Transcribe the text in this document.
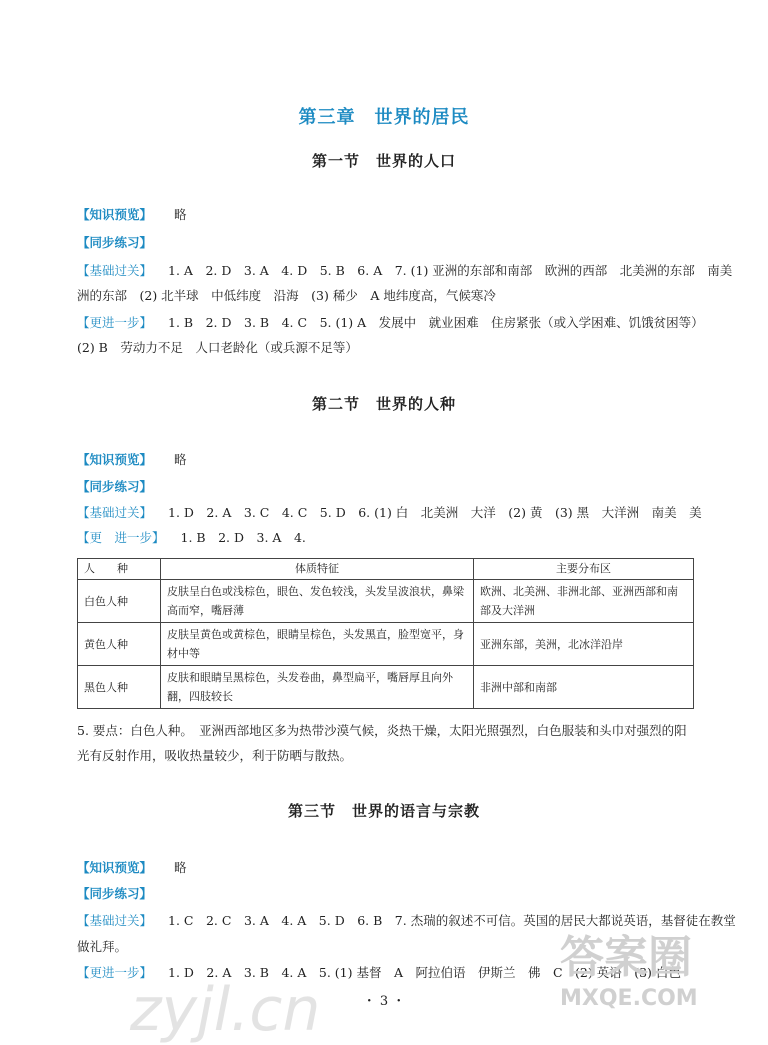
第三章　世界的居民
第一节　世界的人口
【知识预览】 略
【同步练习】
【基础过关】 1. A　2. D　3. A　4. D　5. B　6. A　7. (1) 亚洲的东部和南部　欧洲的西部　北美洲的东部　南美
洲的东部　(2) 北半球　中低纬度　沿海　(3) 稀少　A 地纬度高，气候寒冷
【更进一步】 1. B　2. D　3. B　4. C　5. (1) A　发展中　就业困难　住房紧张（或入学困难、饥饿贫困等）
(2) B　劳动力不足　人口老龄化（或兵源不足等）
第二节　世界的人种
【知识预览】 略
【同步练习】
【基础过关】 1. D　2. A　3. C　4. C　5. D　6. (1) 白　北美洲　大洋　(2) 黄　(3) 黑　大洋洲　南美　美
【更　进一步】 1. B　2. D　3. A　4.
人　　种	体质特征	主要分布区
白色人种	皮肤呈白色或浅棕色，眼色、发色较浅，头发呈波浪状，鼻梁高而窄，嘴唇薄	欧洲、北美洲、非洲北部、亚洲西部和南部及大洋洲
黄色人种	皮肤呈黄色或黄棕色，眼睛呈棕色，头发黑直，脸型宽平，身材中等	亚洲东部，美洲，北冰洋沿岸
黑色人种	皮肤和眼睛呈黑棕色，头发卷曲，鼻型扁平，嘴唇厚且向外翻，四肢较长	非洲中部和南部
5. 要点：白色人种。　亚洲西部地区多为热带沙漠气候，炎热干燥，太阳光照强烈，白色服装和头巾对强烈的阳光有反射作用，吸收热量较少，利于防晒与散热。
第三节　世界的语言与宗教
【知识预览】 略
【同步练习】
【基础过关】 1. C　2. C　3. A　4. A　5. D　6. B　7. 杰瑞的叙述不可信。英国的居民大都说英语，基督徒在教堂
做礼拜。
【更进一步】 1. D　2. A　3. B　4. A　5. (1) 基督　A　阿拉伯语　伊斯兰　佛　C　(2) 英语　(3) 白色
zyjl.cn
答案圈
MXQE.COM
・ 3 ・
